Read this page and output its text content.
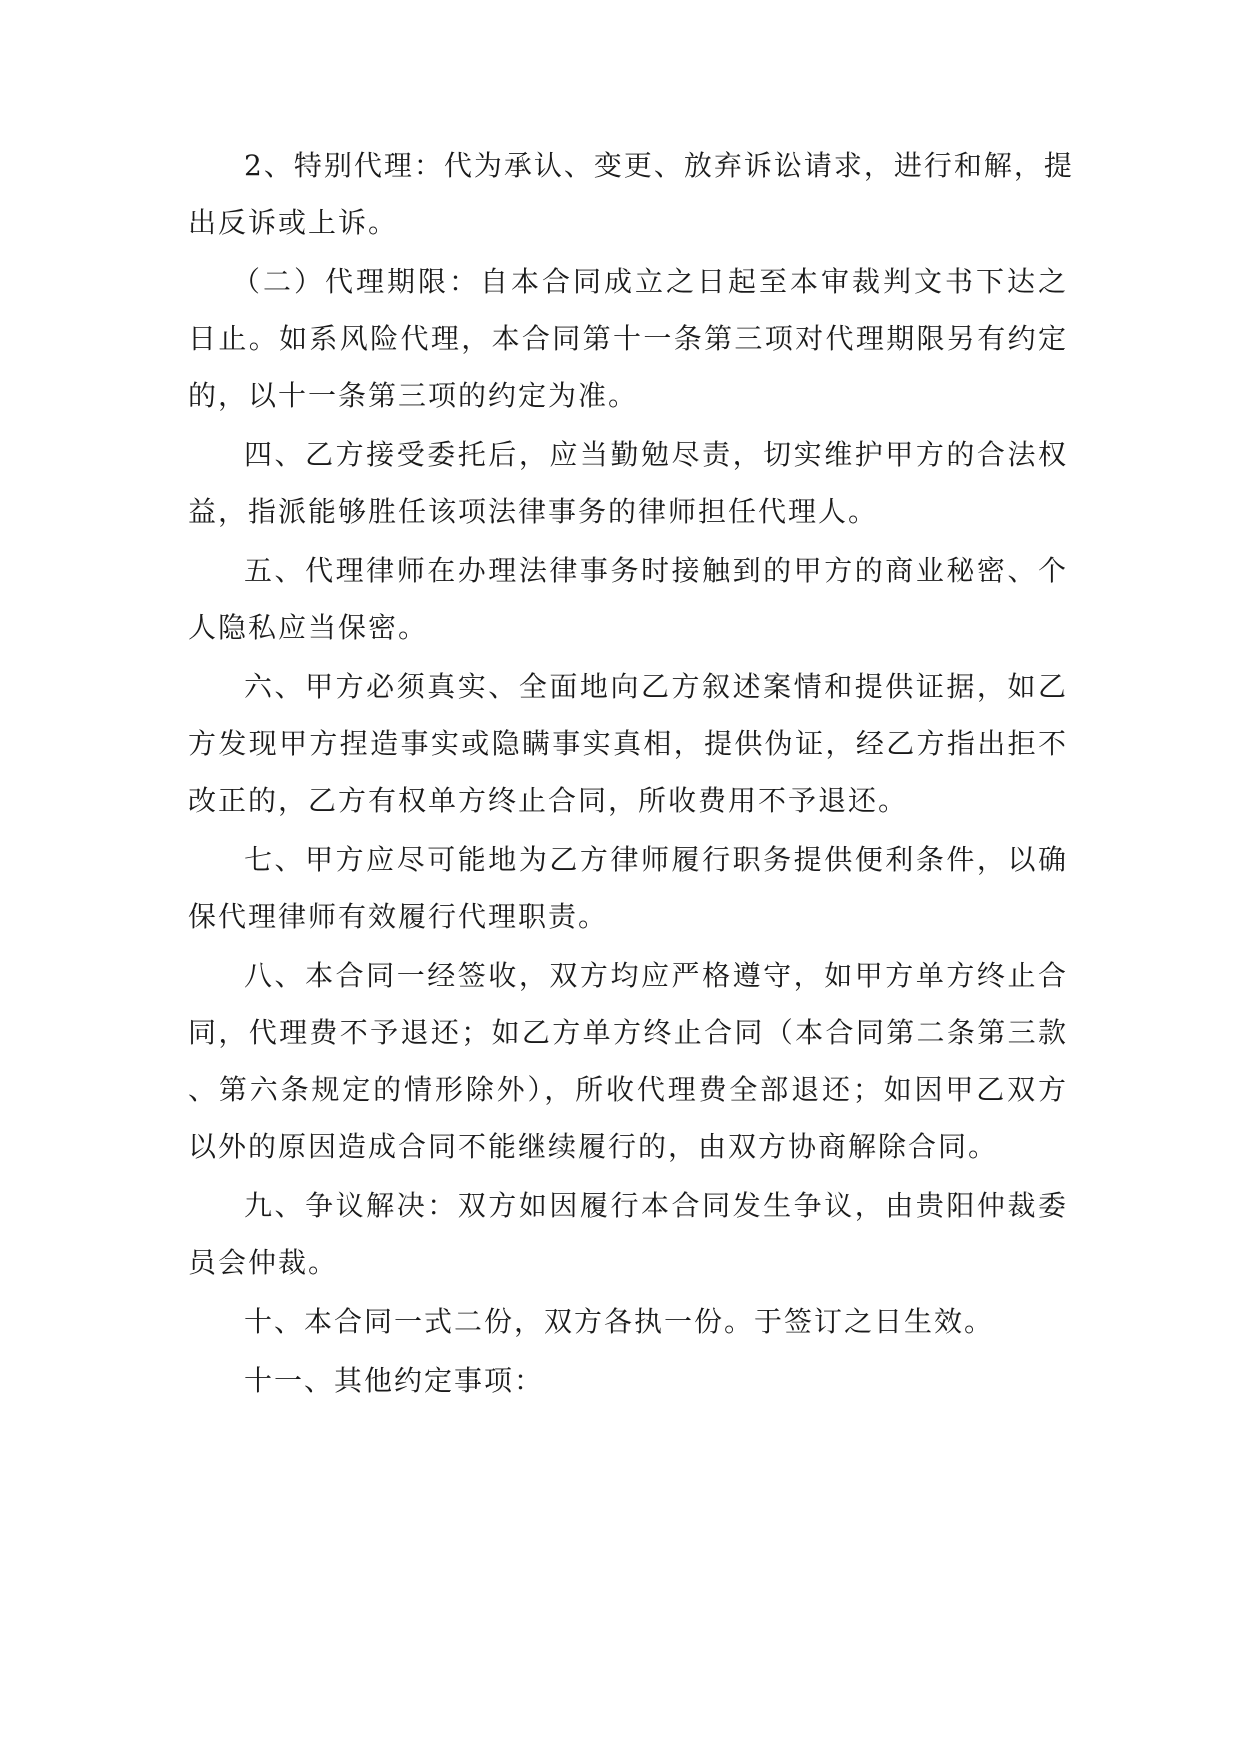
2、特别代理：代为承认、变更、放弃诉讼请求，进行和解，提
出反诉或上诉。
（二）代理期限：自本合同成立之日起至本审裁判文书下达之
日止。如系风险代理，本合同第十一条第三项对代理期限另有约定
的，以十一条第三项的约定为准。
四、乙方接受委托后，应当勤勉尽责，切实维护甲方的合法权
益，指派能够胜任该项法律事务的律师担任代理人。
五、代理律师在办理法律事务时接触到的甲方的商业秘密、个
人隐私应当保密。
六、甲方必须真实、全面地向乙方叙述案情和提供证据，如乙
方发现甲方捏造事实或隐瞒事实真相，提供伪证，经乙方指出拒不
改正的，乙方有权单方终止合同，所收费用不予退还。
七、甲方应尽可能地为乙方律师履行职务提供便利条件，以确
保代理律师有效履行代理职责。
八、本合同一经签收，双方均应严格遵守，如甲方单方终止合
同，代理费不予退还；如乙方单方终止合同（本合同第二条第三款
、第六条规定的情形除外），所收代理费全部退还；如因甲乙双方
以外的原因造成合同不能继续履行的，由双方协商解除合同。
九、争议解决：双方如因履行本合同发生争议，由贵阳仲裁委
员会仲裁。
十、本合同一式二份，双方各执一份。于签订之日生效。
十一、其他约定事项：
